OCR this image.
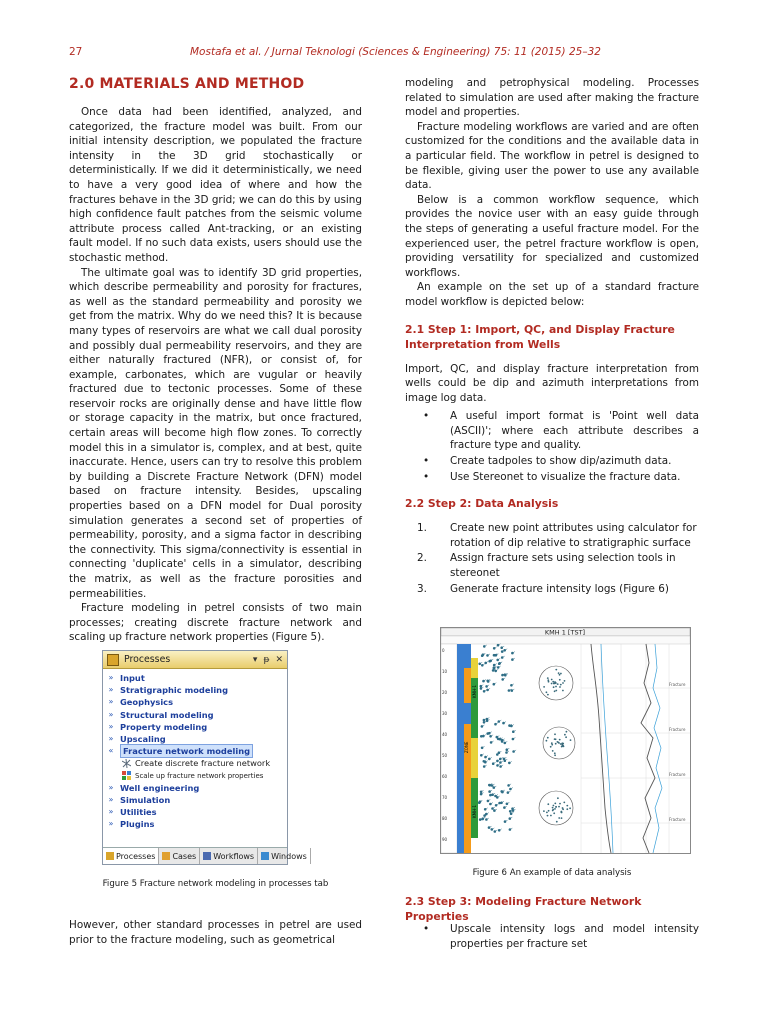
27	Mostafa et al. / Jurnal Teknologi (Sciences & Engineering) 75: 11 (2015) 25–32
2.0 MATERIALS AND METHOD

Once data had been identified, analyzed, and categorized, the fracture model was built. From our initial intensity description, we populated the fracture intensity in the 3D grid stochastically or deterministically. If we did it deterministically, we need to have a very good idea of where and how the fractures behave in the 3D grid; we can do this by using high confidence fault patches from the seismic volume attribute process called Ant-tracking, or an existing fault model. If no such data exists, users should use the stochastic method.

The ultimate goal was to identify 3D grid properties, which describe permeability and porosity for fractures, as well as the standard permeability and porosity we get from the matrix. Why do we need this? It is because many types of reservoirs are what we call dual porosity and possibly dual permeability reservoirs, and they are either naturally fractured (NFR), or consist of, for example, carbonates, which are vugular or heavily fractured due to tectonic processes. Some of these reservoir rocks are originally dense and have little flow or storage capacity in the matrix, but once fractured, certain areas will become high flow zones. To correctly model this in a simulator is, complex, and at best, quite inaccurate. Hence, users can try to resolve this problem by building a Discrete Fracture Network (DFN) model based on fracture intensity. Besides, upscaling properties based on a DFN model for Dual porosity simulation generates a second set of properties of permeability, porosity, and a sigma factor in describing the connectivity. This sigma/connectivity is essential in connecting 'duplicate' cells in a simulator, describing the matrix, as well as the fracture porosities and permeabilities.

Fracture modeling in petrel consists of two main processes; creating discrete fracture network and scaling up fracture network properties (Figure 5).

Processes	▾ ᵽ ✕
» Input
» Stratigraphic modeling
» Geophysics
» Structural modeling
» Property modeling
» Upscaling
«	Fracture network modeling
Create discrete fracture network
Scale up fracture network properties
» Well engineering
» Simulation
» Utilities
» Plugins
Processes Cases Workflows Windows
Figure 5 Fracture network modeling in processes tab

However, other standard processes in petrel are used prior to the fracture modeling, such as geometrical

modeling and petrophysical modeling. Processes related to simulation are used after making the fracture model and properties.

Fracture modeling workflows are varied and are often customized for the conditions and the available data in a particular field. The workflow in petrel is designed to be flexible, giving user the power to use any available data.

Below is a common workflow sequence, which provides the novice user with an easy guide through the steps of generating a useful fracture model. For the experienced user, the petrel fracture workflow is open, providing versatility for specialized and customized workflows.

An example on the set up of a standard fracture model workflow is depicted below:

2.1 Step 1: Import, QC, and Display Fracture Interpretation from Wells

Import, QC, and display fracture interpretation from wells could be dip and azimuth interpretations from image log data.

• A useful import format is 'Point well data (ASCII)'; where each attribute describes a fracture type and quality.
• Create tadpoles to show dip/azimuth data.
• Use Stereonet to visualize the fracture data.
2.2 Step 2: Data Analysis
1. Create new point attributes using calculator for rotation of dip relative to stratigraphic surface
2. Assign fracture sets using selection tools in stereonet
3. Generate fracture intensity logs (Figure 6)
KMH 1 [TST]
0
10
20
30
40
50
60
70
80
90
KMH-1
ZONE
KMH-1
Fracture
Fracture
Fracture
Fracture
Figure 6 An example of data analysis
2.3 Step 3: Modeling Fracture Network Properties
• Upscale intensity logs and model intensity properties per fracture set
